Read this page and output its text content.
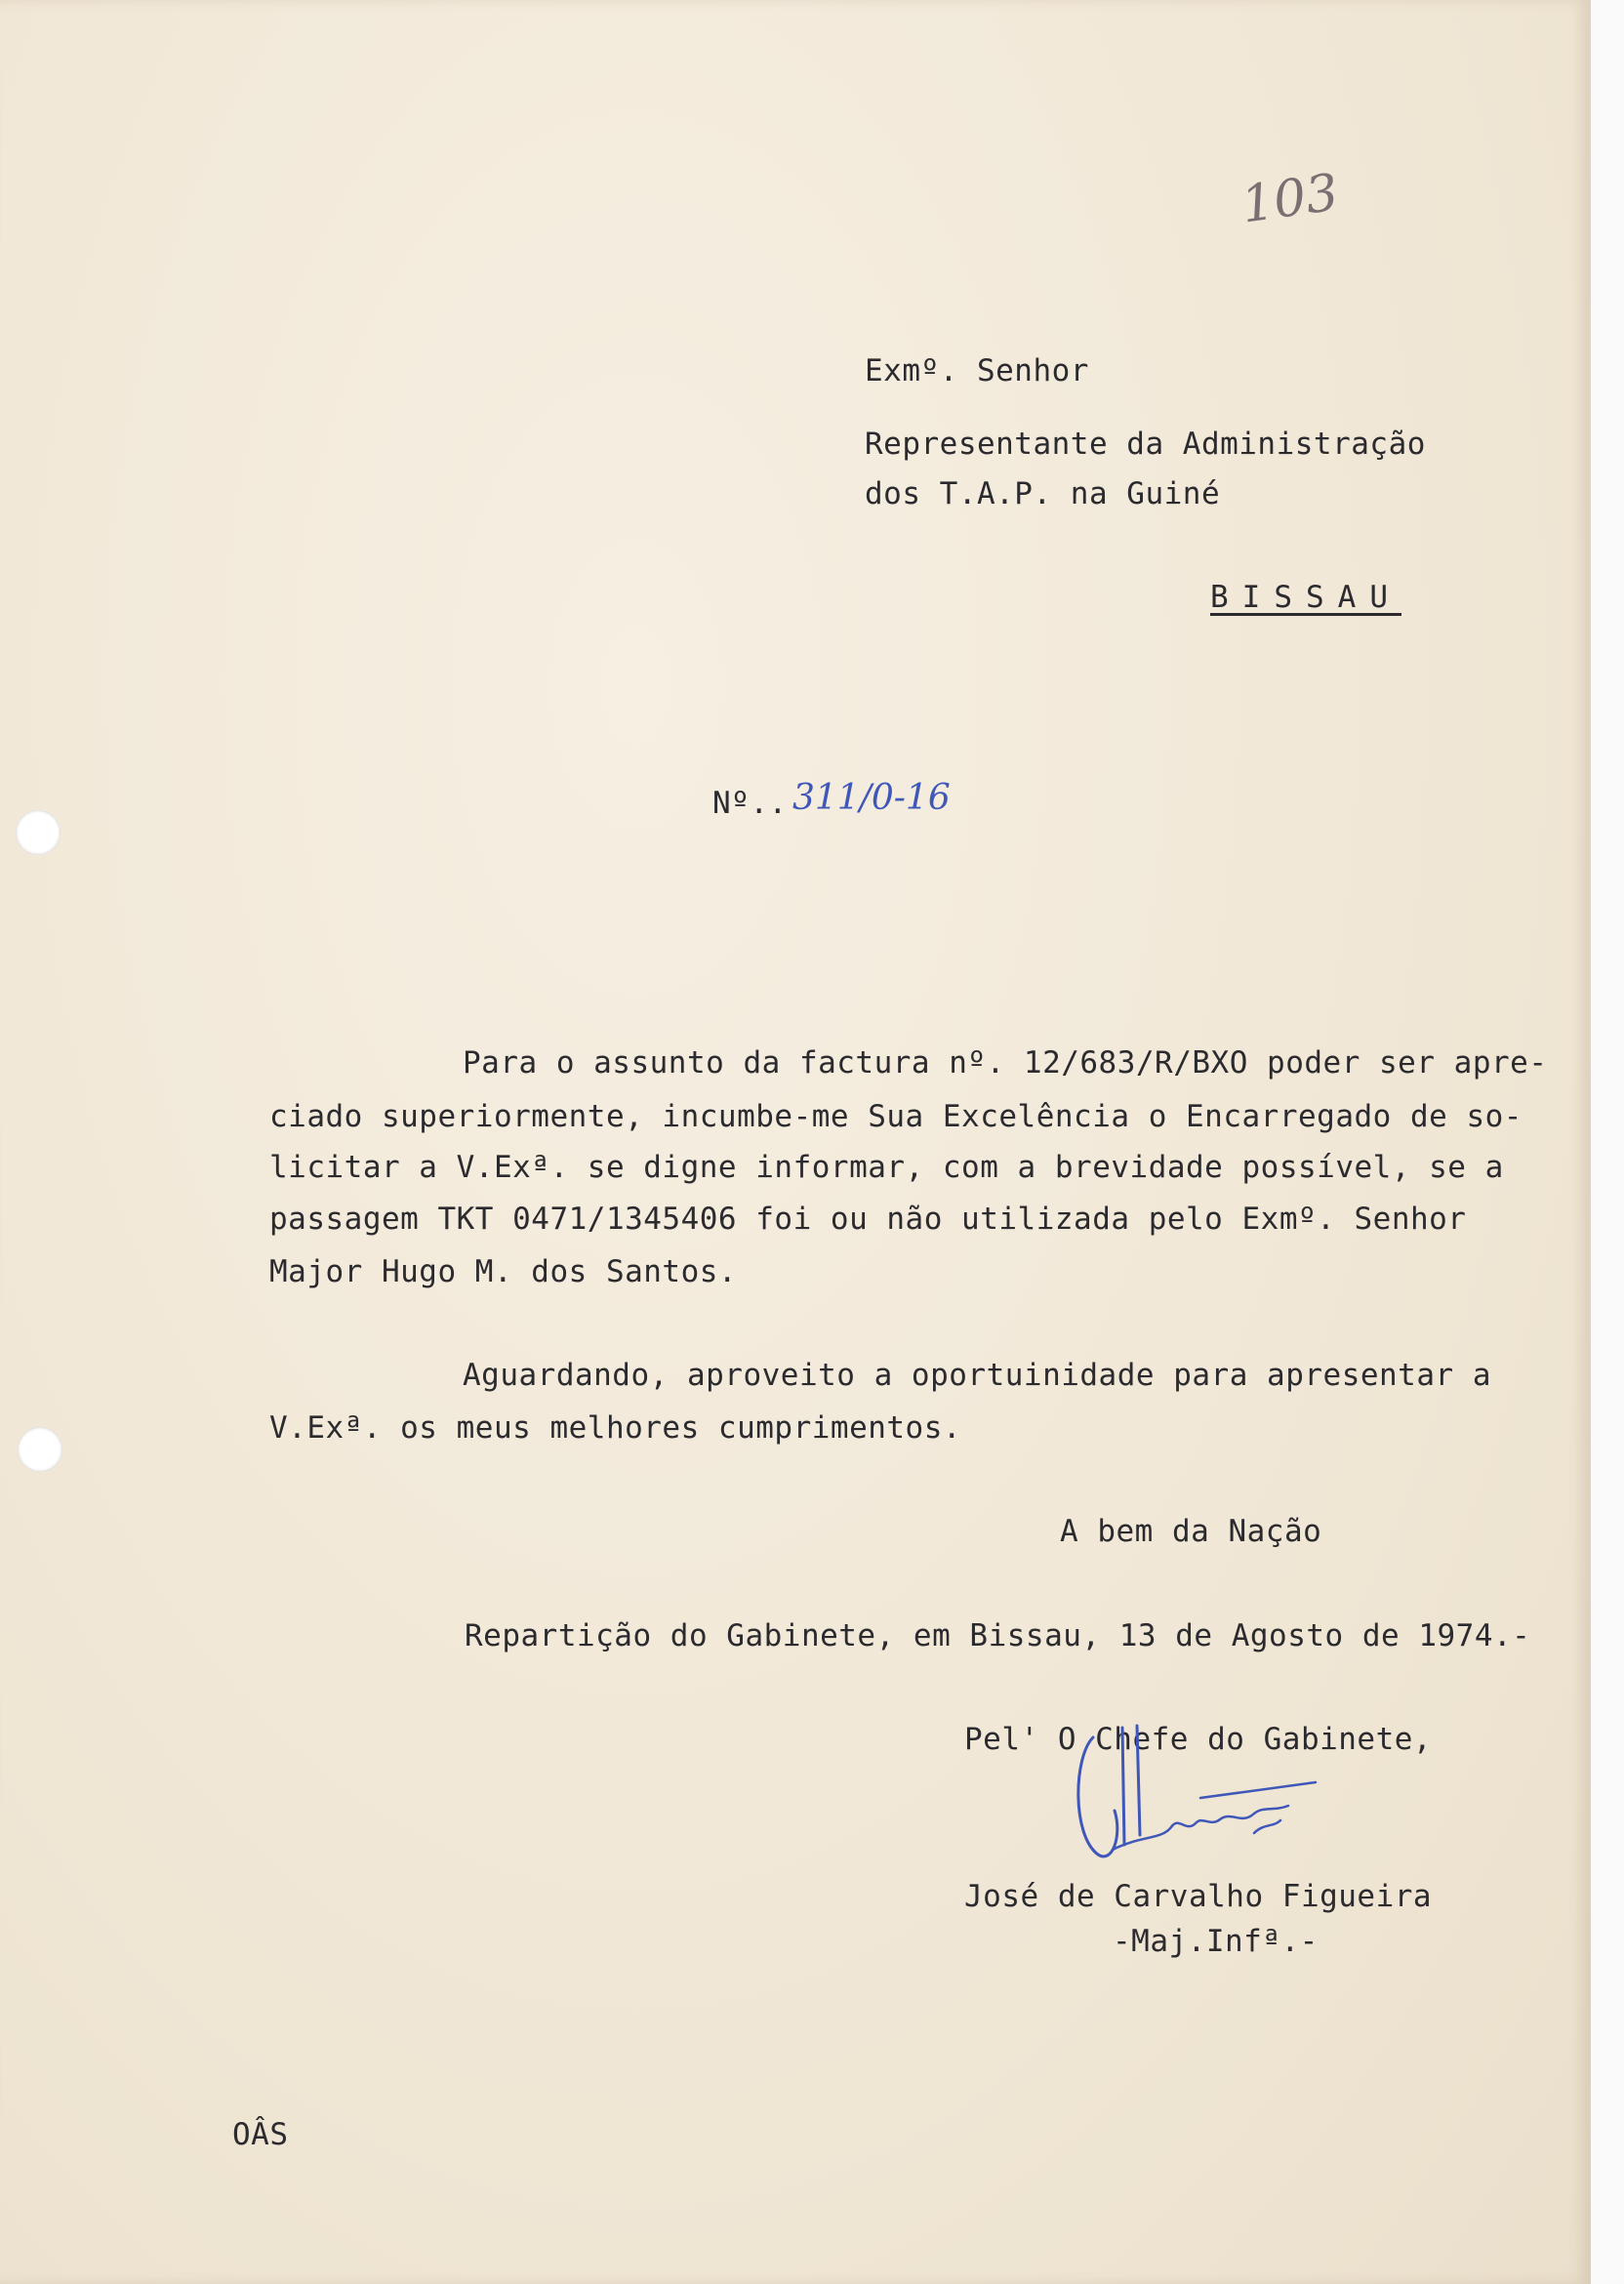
103
Exmº. Senhor
Representante da Administração
dos T.A.P. na Guiné
BISSAU
Nº.. 311/0-16
Para o assunto da factura nº. 12/683/R/BXO poder ser apre-
ciado superiormente, incumbe-me Sua Excelência o Encarregado de so-
licitar a V.Exª. se digne informar, com a brevidade possível, se a
passagem TKT 0471/1345406 foi ou não utilizada pelo Exmº. Senhor
Major Hugo M. dos Santos.
Aguardando, aproveito a oportuinidade para apresentar a
V.Exª. os meus melhores cumprimentos.
A bem da Nação
Repartição do Gabinete, em Bissau, 13 de Agosto de 1974.-
Pel' O Chefe do Gabinete,
José de Carvalho Figueira
-Maj.Infª.-
OÂS
